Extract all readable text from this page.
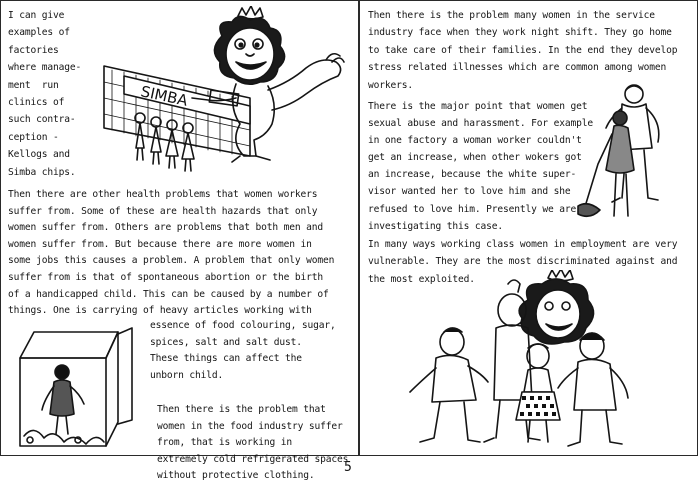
I can give
examples of
factories
where manage-
ment  run
clinics of
such contra-
ception -
Kellogs and
Simba chips.
SIMBA
Then there are other health problems that women workers
suffer from. Some of these are health hazards that only
women suffer from. Others are problems that both men and
women suffer from. But because there are more women in
some jobs this causes a problem. A problem that only women
suffer from is that of spontaneous abortion or the birth
of a handicapped child. This can be caused by a number of
things. One is carrying of heavy articles working with
essence of food colouring, sugar,
spices, salt and salt dust.
These things can affect the
unborn child.
Then there is the problem that
women in the food industry suffer
from, that is working in
extremely cold refrigerated spaces
without protective clothing.
Then there is the problem many women in the service
industry face when they work night shift. They go home
to take care of their families. In the end they develop
stress related illnesses which are common among women
workers.
There is the major point that women get
sexual abuse and harassment. For example
in one factory a woman worker couldn't
get an increase, when other wokers got
an increase, because the white super-
visor wanted her to love him and she
refused to love him. Presently we are
investigating this case.
In many ways working class women in employment are very
vulnerable. They are the most discriminated against and
the most exploited.
5
